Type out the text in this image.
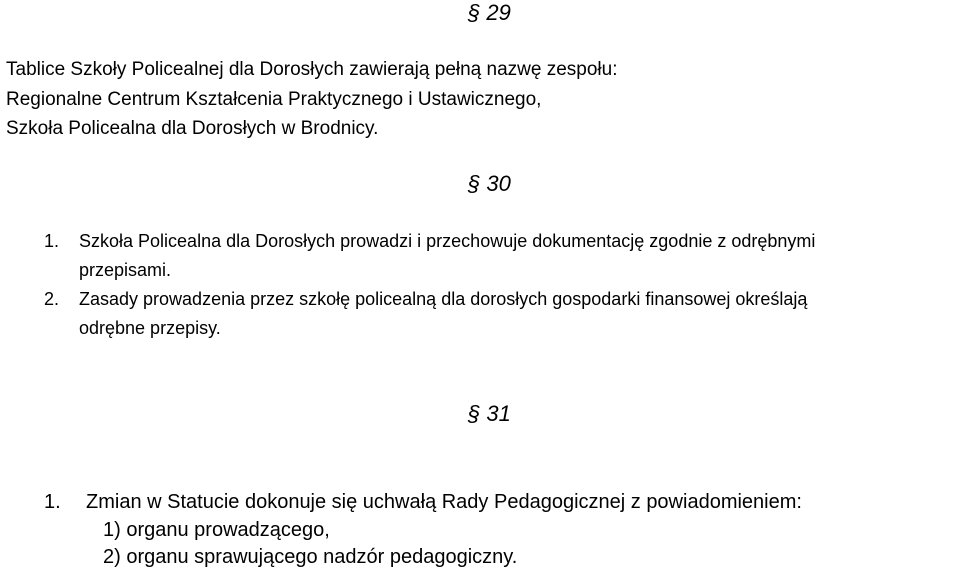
§ 29
Tablice Szkoły Policealnej dla Dorosłych zawierają pełną nazwę zespołu:
Regionalne Centrum Kształcenia Praktycznego i Ustawicznego,
Szkoła Policealna dla Dorosłych w Brodnicy.
§ 30
1. Szkoła Policealna dla Dorosłych prowadzi i przechowuje dokumentację zgodnie z odrębnymi
przepisami.
2. Zasady prowadzenia przez szkołę policealną dla dorosłych gospodarki finansowej określają
odrębne przepisy.
§ 31
1. Zmian w Statucie dokonuje się uchwałą Rady Pedagogicznej z powiadomieniem:
1) organu prowadzącego,
2) organu sprawującego nadzór pedagogiczny.
